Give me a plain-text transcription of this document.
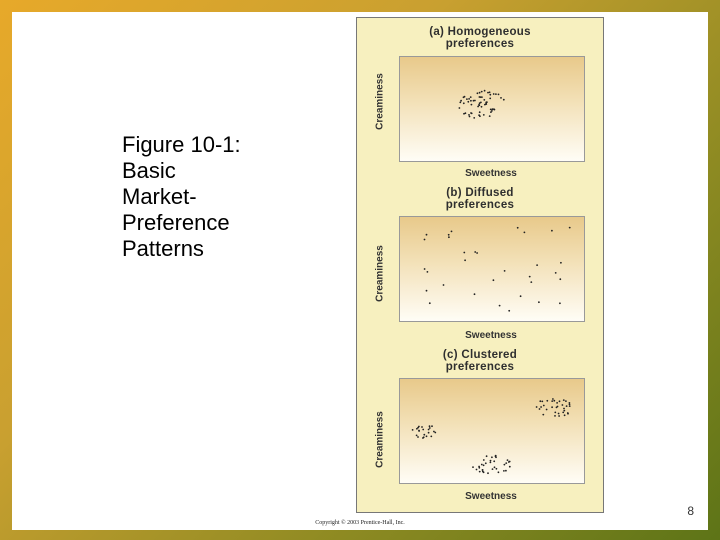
Figure 10-1:
Basic
Market-
Preference
Patterns
(a) Homogeneous
preferences
Creaminess
Sweetness
(b) Diffused
preferences
Creaminess
Sweetness
(c) Clustered
preferences
Creaminess
Sweetness
8
Copyright © 2003 Prentice-Hall, Inc.
